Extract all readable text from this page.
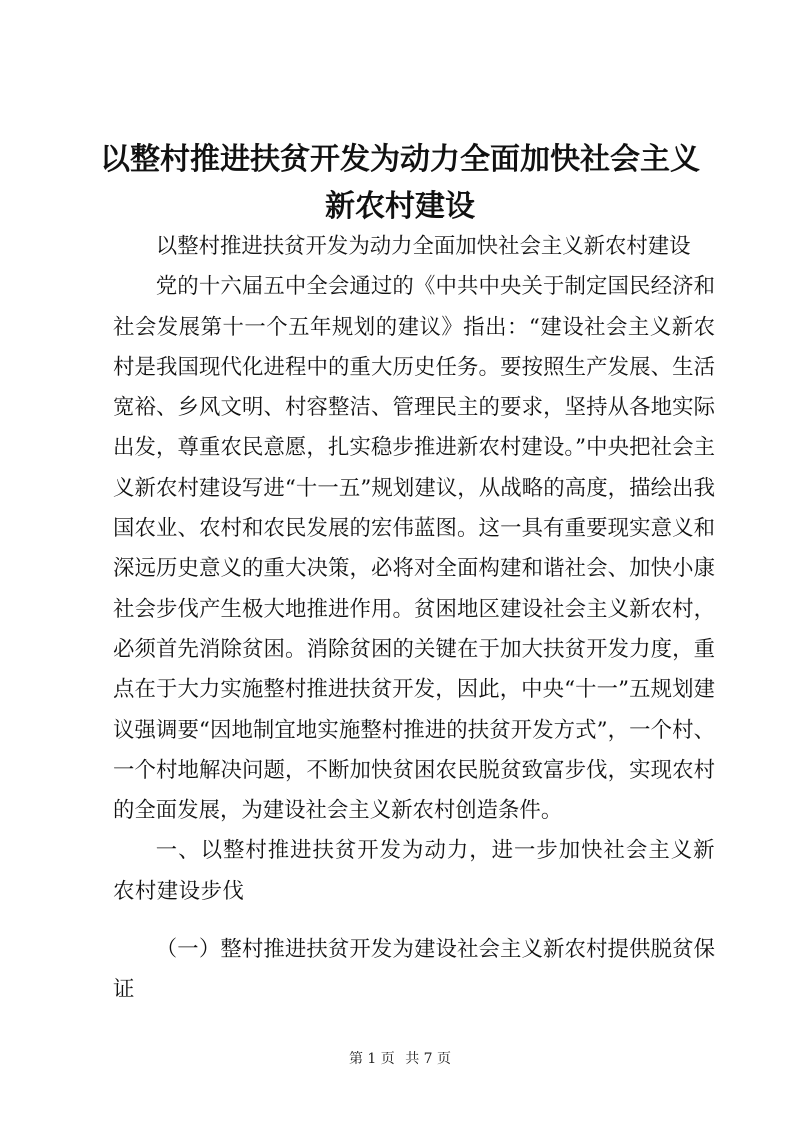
以整村推进扶贫开发为动力全面加快社会主义
新农村建设

以整村推进扶贫开发为动力全面加快社会主义新农村建设

党的十六届五中全会通过的《中共中央关于制定国民经济和社会发展第十一个五年规划的建议》指出：“建设社会主义新农村是我国现代化进程中的重大历史任务。要按照生产发展、生活宽裕、乡风文明、村容整洁、管理民主的要求，坚持从各地实际出发，尊重农民意愿，扎实稳步推进新农村建设。”中央把社会主义新农村建设写进“十一五”规划建议，从战略的高度，描绘出我国农业、农村和农民发展的宏伟蓝图。这一具有重要现实意义和深远历史意义的重大决策，必将对全面构建和谐社会、加快小康社会步伐产生极大地推进作用。贫困地区建设社会主义新农村，必须首先消除贫困。消除贫困的关键在于加大扶贫开发力度，重点在于大力实施整村推进扶贫开发，因此，中央“十一”五规划建议强调要“因地制宜地实施整村推进的扶贫开发方式”，一个村、一个村地解决问题，不断加快贫困农民脱贫致富步伐，实现农村的全面发展，为建设社会主义新农村创造条件。

一、以整村推进扶贫开发为动力，进一步加快社会主义新农村建设步伐

（一）整村推进扶贫开发为建设社会主义新农村提供脱贫保证

第 1 页 共 7 页
